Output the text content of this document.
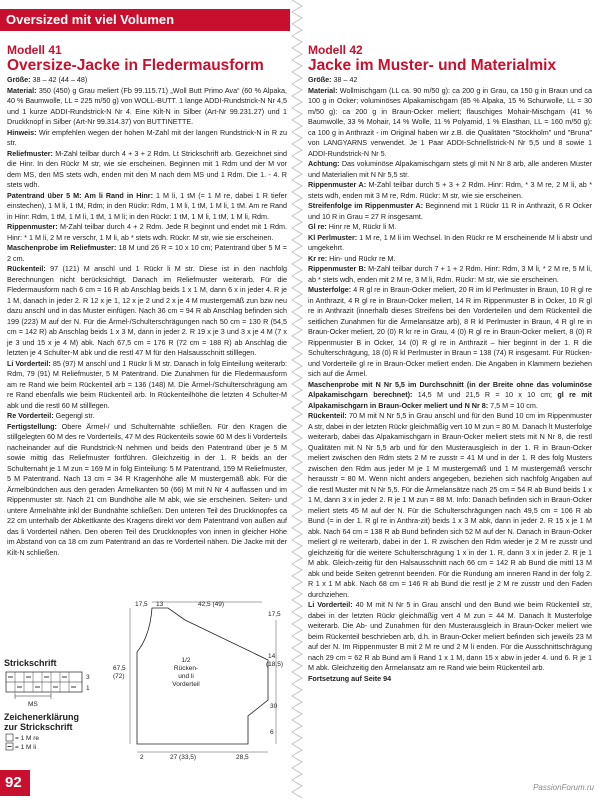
Oversized mit viel Volumen
Modell 41
Oversize-Jacke in Fledermausform

Größe: 38 – 42 (44 – 48)

Material: 350 (450) g Grau meliert (Fb 99.115.71) „Woll Butt Primo Ava“ (60 % Alpaka, 40 % Baumwolle, LL = 225 m/50 g) von WOLL-BUTT. 1 lange ADDI-Rundstrick-N Nr 4,5 und 1 kurze ADDI-Rundstrick-N Nr 4. Eine Kilt-N in Silber (Art-Nr 99.231.27) und 1 Druckknopf in Silber (Art-Nr 99.314.37) von BUTTINETTE.

Hinweis: Wir empfehlen wegen der hohen M-Zahl mit der langen Rundstrick-N in R zu str.

Reliefmuster: M-Zahl teilbar durch 4 + 3 + 2 Rdm. Lt Strickschrift arb. Gezeichnet sind die Hinr. In den Rückr M str, wie sie erscheinen. Beginnen mit 1 Rdm und der M vor dem MS, den MS stets wdh, enden mit den M nach dem MS und 1 Rdm. Die 1. - 4. R stets wdh.

Patentrand über 5 M: Am li Rand in Hinr: 1 M li, 1 tM (= 1 M re, dabei 1 R tiefer einstechen), 1 M li, 1 tM, Rdm; in den Rückr: Rdm, 1 M li, 1 tM, 1 M li, 1 tM. Am re Rand in Hinr: Rdm, 1 tM, 1 M li, 1 tM, 1 M li; in den Rückr: 1 tM, 1 M li, 1 tM, 1 M li, Rdm.

Rippenmuster: M-Zahl teilbar durch 4 + 2 Rdm. Jede R beginnt und endet mit 1 Rdm. Hinr: * 1 M li, 2 M re verschr, 1 M li, ab * stets wdh. Rückr: M str, wie sie erscheinen.

Maschenprobe im Reliefmuster: 18 M und 26 R = 10 x 10 cm; Patentrand über 5 M = 2 cm.

Rückenteil: 97 (121) M anschl und 1 Rückr li M str. Diese ist in den nachfolg Berechnungen nicht berücksichtigt. Danach im Reliefmuster weiterarb. Für die Fledermausform nach 6 cm = 16 R ab Anschlag beids 1 x 1 M, dann 6 x in jeder 4. R je 1 M, danach in jeder 2. R 12 x je 1, 12 x je 2 und 2 x je 4 M mustergemäß zun bzw neu dazu anschl und in das Muster einfügen. Nach 36 cm = 94 R ab Anschlag befinden sich 199 (223) M auf der N. Für die Ärmel-/Schulterschrägungen nach 50 cm = 130 R (54,5 cm = 142 R) ab Anschlag beids 1 x 3 M, dann in jeder 2. R 19 x je 3 und 3 x je 4 M (7 x je 3 und 15 x je 4 M) abk. Nach 67,5 cm = 176 R (72 cm = 188 R) ab Anschlag die letzten je 4 Schulter-M abk und die restl 47 M für den Halsausschnitt stilllegen.

Li Vorderteil: 85 (97) M anschl und 1 Rückr li M str. Danach in folg Einteilung weiterarb: Rdm, 79 (91) M Reliefmuster, 5 M Patentrand. Die Zunahmen für die Fledermausform am re Rand wie beim Rückenteil arb = 136 (148) M. Die Ärmel-/Schulterschrägung am re Rand ebenfalls wie beim Rückenteil arb. In Rückenteilhöhe die letzten 4 Schulter-M abk und die restl 60 M stilllegen.

Re Vorderteil: Gegengl str.

Fertigstellung: Obere Ärmel-/ und Schulternähte schließen. Für den Kragen die stillgelegten 60 M des re Vorderteils, 47 M des Rückenteils sowie 60 M des li Vorderteils nacheinander auf die Rundstrick-N nehmen und beids den Patentrand über je 5 M sowie mittig das Reliefmuster fortführen. Gleichzeitig in der 1. R beids an der Schulternaht je 1 M zun = 169 M in folg Einteilung: 5 M Patentrand, 159 M Reliefmuster, 5 M Patentrand. Nach 13 cm = 34 R Kragenhöhe alle M mustergemäß abk. Für die Ärmelbündchen aus den geraden Ärmelkanten 50 (66) M mit N Nr 4 auffassen und im Rippenmuster str. Nach 21 cm Bundhöhe alle M abk, wie sie erscheinen. Seiten- und untere Ärmelnähte inkl der Bundnähte schließen. Den unteren Teil des Druckknopfes ca 22 cm unterhalb der Abkettkante des Kragens direkt vor dem Patentrand von außen auf das li Vorderteil nähen. Den oberen Teil des Druckknopfes von innen in gleicher Höhe im Abstand von ca 18 cm zum Patentrand an das re Vorderteil nähen. Die Jacke mit der Kilt-N schließen.

Strickschrift
3
1
MS
Zeichenerklärung
zur Strickschrift
= 1 M re
= 1 M li
17,5 13	42,5 (49)
17,5
14
(18,5)
67,5
(72)
30
6
2	27 (33,5)	28,5
1/2
Rücken-
und li
Vorderteil
Modell 42
Jacke im Muster- und Materialmix

Größe: 38 – 42

Material: Wollmischgarn (LL ca. 90 m/50 g): ca 200 g in Grau, ca 150 g in Braun und ca 100 g in Ocker; voluminöses Alpakamischgarn (85 % Alpaka, 15 % Schurwolle, LL = 30 m/50 g): ca 200 g in Braun-Ocker meliert; flauschiges Mohair-Mischgarn (41 % Baumwolle, 33 % Mohair, 14 % Wolle, 11 % Polyamid, 1 % Elasthan, LL = 160 m/50 g): ca 100 g in Anthrazit - im Original haben wir z.B. die Qualitäten "Stockholm" und "Bruna" von LANGYARNS verwendet. Je 1 Paar ADDI-Schnellstrick-N Nr 5,5 und 8 sowie 1 ADDI-Rundstrick-N Nr 5.

Achtung: Das voluminöse Alpakamischgarn stets gl mit N Nr 8 arb, alle anderen Muster und Materialien mit N Nr 5,5 str.

Rippenmuster A: M-Zahl teilbar durch 5 + 3 + 2 Rdm. Hinr: Rdm, * 3 M re, 2 M li, ab * stets wdh, enden mit 3 M re, Rdm. Rückr: M str, wie sie erscheinen.

Streifenfolge im Rippenmuster A: Beginnend mit 1 Rückr 11 R in Anthrazit, 6 R Ocker und 10 R in Grau = 27 R insgesamt.

Gl re: Hinr re M, Rückr li M.

Kl Perlmuster: 1 M re, 1 M li im Wechsel. In den Rückr re M erscheinende M li abstr und umgekehrt.

Kr re: Hin- und Rückr re M.

Rippenmuster B: M-Zahl teilbar durch 7 + 1 + 2 Rdm. Hinr: Rdm, 3 M li, * 2 M re, 5 M li, ab * stets wdh, enden mit 2 M re, 3 M li, Rdm. Rückr: M str, wie sie erscheinen.

Musterfolge: 4 R gl re in Braun-Ocker meliert, 20 R im kl Perlmuster in Braun, 10 R gl re in Anthrazit, 4 R gl re in Braun-Ocker meliert, 14 R im Rippenmuster B in Ocker, 10 R gl re in Anthrazit (innerhalb dieses Streifens bei den Vorderteilen und dem Rückenteil die seitlichen Zunahmen für die Ärmelansätze arb), 8 R kl Perlmuster in Braun, 4 R gl re in Braun-Ocker meliert, 20 (0) R kr re in Grau, 4 (0) R gl re in Braun-Ocker meliert, 8 (0) R Rippenmuster B in Ocker, 14 (0) R gl re in Anthrazit – hier beginnt in der 1. R die Schulterschrägung, 18 (0) R kl Perlmuster in Braun = 138 (74) R insgesamt. Für Rücken- und Vorderteile gl re in Braun-Ocker meliert enden. Die Angaben in Klammern beziehen sich auf die Ärmel.

Maschenprobe mit N Nr 5,5 im Durchschnitt (in der Breite ohne das voluminöse Alpakamischgarn berechnet): 14,5 M und 21,5 R = 10 x 10 cm; gl re mit Alpakamischgarn in Braun-Ocker meliert und N Nr 8: 7,5 M = 10 cm.

Rückenteil: 70 M mit N Nr 5,5 in Grau anschl und für den Bund 10 cm im Rippenmuster A str, dabei in der letzten Rückr gleichmäßig vert 10 M zun = 80 M. Danach lt Musterfolge weiterarb, dabei das Alpakamischgarn in Braun-Ocker meliert stets mit N Nr 8, die restl Qualitäten mit N Nr 5,5 arb und für den Musterausgleich in der 1. R in Braun-Ocker meliert zwischen den Rdm stets 2 M re zusstr = 41 M und in der 1. R des folg Musters zwischen den Rdm aus jeder M je 1 M mustergemäß und 1 M mustergemäß verschr herausstr = 80 M. Wenn nicht anders angegeben, beziehen sich nachfolg Angaben auf die restl Muster mit N Nr 5,5. Für die Ärmelansätze nach 25 cm = 54 R ab Bund beids 1 x 1 M, dann 3 x in jeder 2. R je 1 M zun = 88 M. Info: Danach befinden sich in Braun-Ocker meliert stets 45 M auf der N. Für die Schulterschrägungen nach 49,5 cm = 106 R ab Bund (= in der 1. R gl re in Anthra-zit) beids 1 x 3 M abk, dann in jeder 2. R 15 x je 1 M abk. Nach 64 cm = 138 R ab Bund befinden sich 52 M auf der N. Danach in Braun-Ocker meliert gl re weiterarb, dabei in der 1. R zwischen den Rdm wieder je 2 M re zusstr und gleichzeitig für die weitere Schulterschrägung 1 x in der 1. R, dann 3 x in jeder 2. R je 1 M abk. Gleich-zeitig für den Halsausschnitt nach 66 cm = 142 R ab Bund die mittl 13 M abk und beide Seiten getrennt beenden. Für die Rundung am inneren Rand in der folg 2. R 1 x 1 M abk. Nach 68 cm = 146 R ab Bund die restl je 2 M re zusstr und den Faden durchziehen.

Li Vorderteil: 40 M mit N Nr 5 in Grau anschl und den Bund wie beim Rückenteil str, dabei in der letzten Rückr gleichmäßig vert 4 M zun = 44 M. Danach lt Musterfolge weiterarb. Die Ab- und Zunahmen für den Musterausgleich in Braun-Ocker meliert wie beim Rückenteil beschrieben arb, d.h. in Braun-Ocker meliert befinden sich jeweils 23 M auf der N. Im Rippenmuster B mit 2 M re und 2 M li enden. Für die Ausschnittschrägung nach 29 cm = 62 R ab Bund am li Rand 1 x 1 M, dann 15 x abw in jeder 4. und 6. R je 1 M abk. Gleichzeitig den Ärmelansatz am re Rand wie beim Rückenteil arb.

Fortsetzung auf Seite 94

92	PassionForum.ru
